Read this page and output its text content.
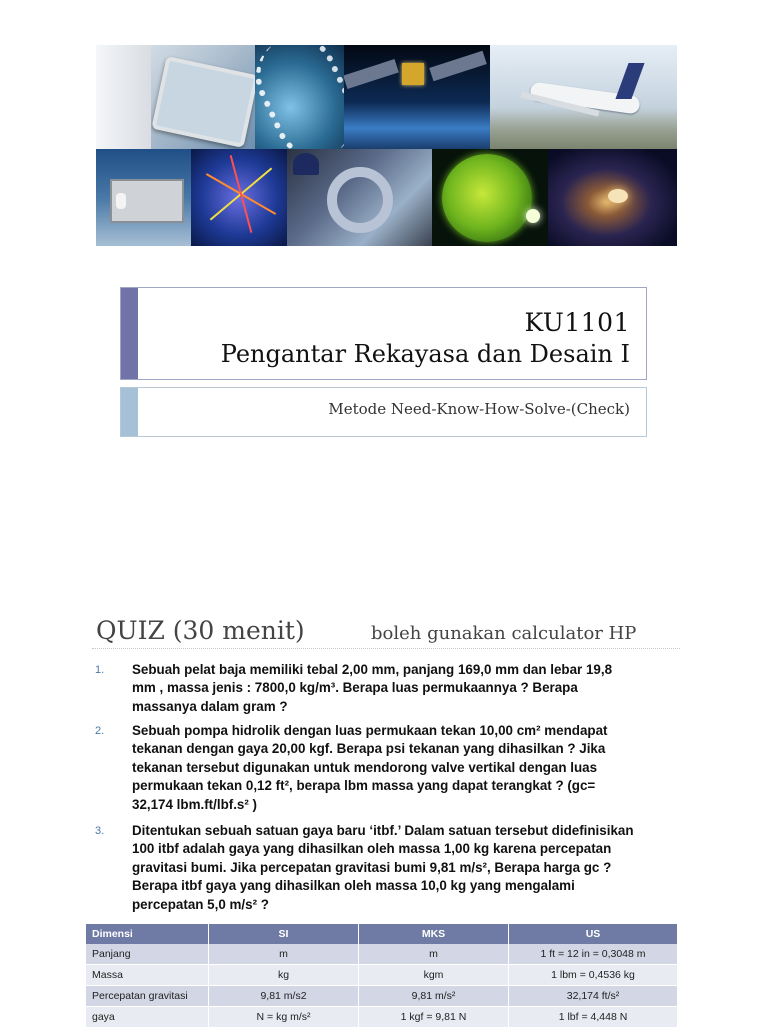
KU1101
Pengantar Rekayasa dan Desain I
Metode Need-Know-How-Solve-(Check)
QUIZ (30 menit)	boleh gunakan calculator HP
1. Sebuah pelat baja memiliki tebal 2,00 mm, panjang 169,0 mm dan lebar 19,8
mm , massa jenis : 7800,0 kg/m³. Berapa luas permukaannya ? Berapa
massanya dalam gram ?
2. Sebuah pompa hidrolik dengan luas permukaan tekan 10,00 cm² mendapat
tekanan dengan gaya 20,00 kgf. Berapa psi tekanan yang dihasilkan ? Jika
tekanan tersebut digunakan untuk mendorong valve vertikal dengan luas
permukaan tekan 0,12 ft², berapa lbm massa yang dapat terangkat ? (gc=
32,174 lbm.ft/lbf.s² )
3. Ditentukan sebuah satuan gaya baru ‘itbf.’ Dalam satuan tersebut didefinisikan
100 itbf adalah gaya yang dihasilkan oleh massa 1,00 kg karena percepatan
gravitasi bumi. Jika percepatan gravitasi bumi 9,81 m/s², Berapa harga gc ?
Berapa itbf gaya yang dihasilkan oleh massa 10,0 kg yang mengalami
percepatan 5,0 m/s² ?
Dimensi	SI	MKS	US
Panjang	m	m	1 ft = 12 in = 0,3048 m
Massa	kg	kgm	1 lbm = 0,4536 kg
Percepatan gravitasi	9,81 m/s2	9,81 m/s²	32,174 ft/s²
gaya	N = kg m/s²	1 kgf = 9,81 N	1 lbf = 4,448 N
